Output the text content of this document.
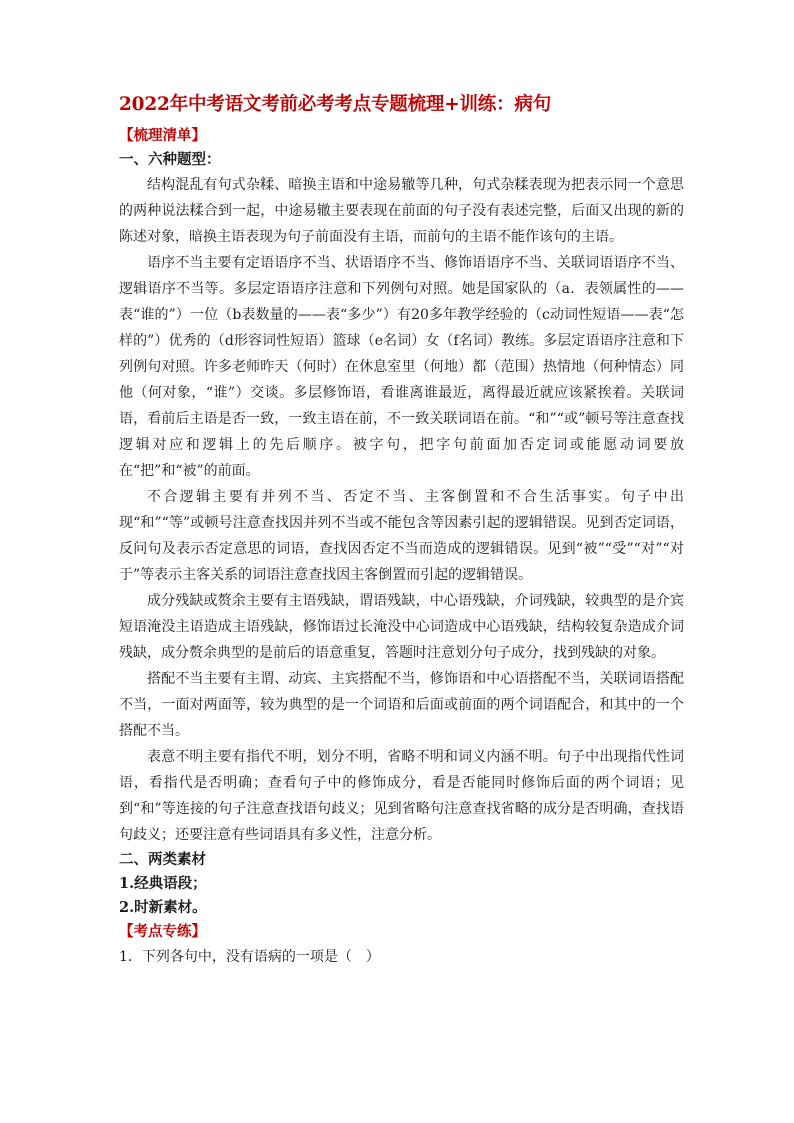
2022年中考语文考前必考考点专题梳理+训练：病句

【梳理清单】

一、六种题型：

结构混乱有句式杂糅、暗换主语和中途易辙等几种，句式杂糅表现为把表示同一个意思的两种说法糅合到一起，中途易辙主要表现在前面的句子没有表述完整，后面又出现的新的陈述对象，暗换主语表现为句子前面没有主语，而前句的主语不能作该句的主语。

语序不当主要有定语语序不当、状语语序不当、修饰语语序不当、关联词语语序不当、逻辑语序不当等。多层定语语序注意和下列例句对照。她是国家队的（a．表领属性的——表“谁的”）一位（b表数量的——表“多少”）有20多年教学经验的（c动词性短语——表“怎样的”）优秀的（d形容词性短语）篮球（e名词）女（f名词）教练。多层定语语序注意和下列例句对照。许多老师昨天（何时）在休息室里（何地）都（范围）热情地（何种情态）同他（何对象，“谁”）交谈。多层修饰语，看谁离谁最近，离得最近就应该紧挨着。关联词语，看前后主语是否一致，一致主语在前，不一致关联词语在前。“和”“或”顿号等注意查找逻辑对应和逻辑上的先后顺序。被字句，把字句前面加否定词或能愿动词要放在“把”和“被”的前面。

不合逻辑主要有并列不当、否定不当、主客倒置和不合生活事实。句子中出现“和”“等”或顿号注意查找因并列不当或不能包含等因素引起的逻辑错误。见到否定词语，反问句及表示否定意思的词语，查找因否定不当而造成的逻辑错误。见到“被”“受”“对”“对于”等表示主客关系的词语注意查找因主客倒置而引起的逻辑错误。

成分残缺或赘余主要有主语残缺，谓语残缺，中心语残缺，介词残缺，较典型的是介宾短语淹没主语造成主语残缺，修饰语过长淹没中心词造成中心语残缺，结构较复杂造成介词残缺，成分赘余典型的是前后的语意重复，答题时注意划分句子成分，找到残缺的对象。

搭配不当主要有主谓、动宾、主宾搭配不当，修饰语和中心语搭配不当，关联词语搭配不当，一面对两面等，较为典型的是一个词语和后面或前面的两个词语配合，和其中的一个搭配不当。

表意不明主要有指代不明，划分不明，省略不明和词义内涵不明。句子中出现指代性词语，看指代是否明确；查看句子中的修饰成分，看是否能同时修饰后面的两个词语；见到“和”等连接的句子注意查找语句歧义；见到省略句注意查找省略的成分是否明确，查找语句歧义；还要注意有些词语具有多义性，注意分析。

二、两类素材

1.经典语段；

2.时新素材。

【考点专练】

1．下列各句中，没有语病的一项是（　）
